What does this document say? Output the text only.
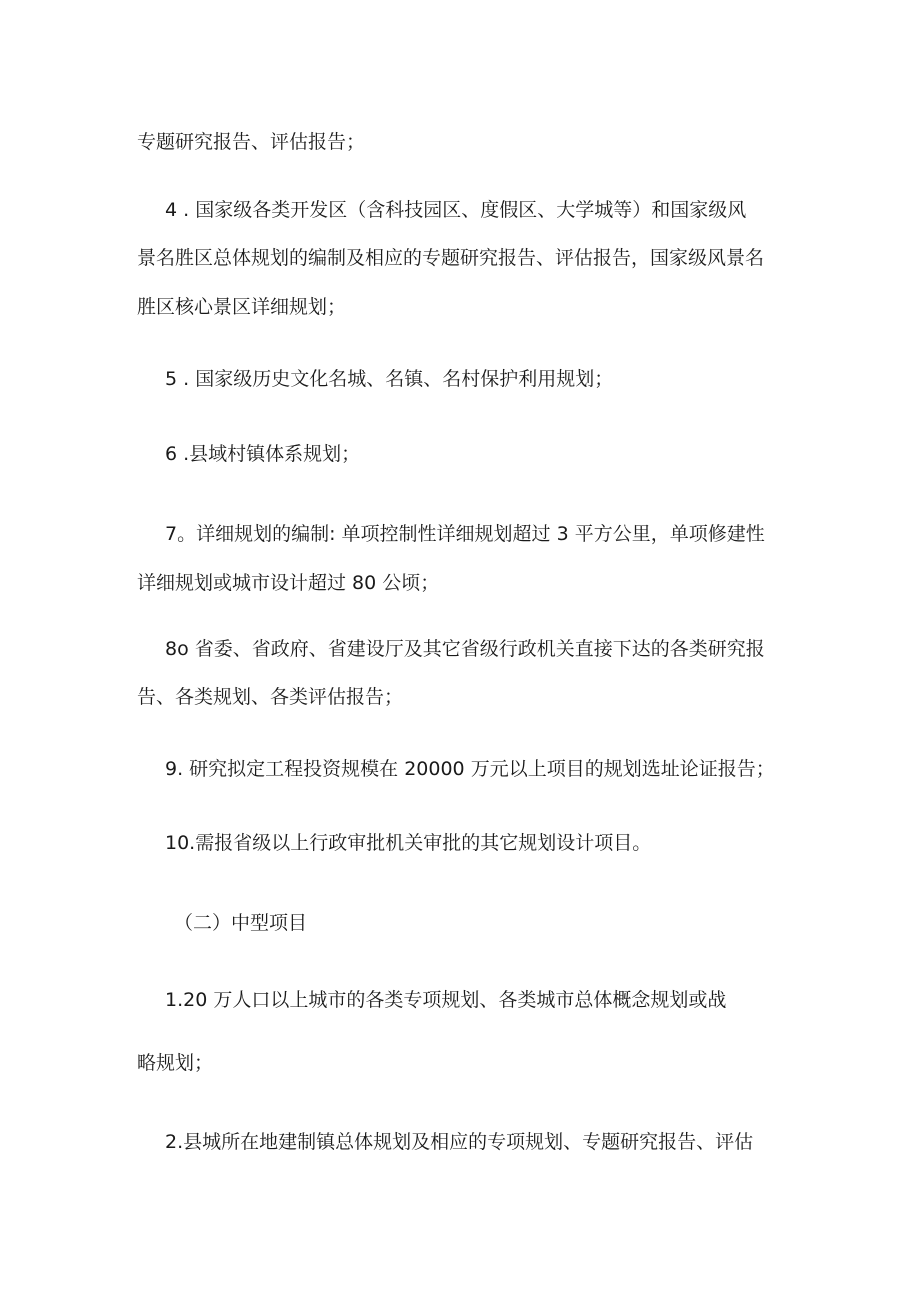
专题研究报告、评估报告；

4 . 国家级各类开发区（含科技园区、度假区、大学城等）和国家级风

景名胜区总体规划的编制及相应的专题研究报告、评估报告，国家级风景名

胜区核心景区详细规划；

5 . 国家级历史文化名城、名镇、名村保护利用规划；

6 .县域村镇体系规划；

7。详细规划的编制: 单项控制性详细规划超过 3 平方公里，单项修建性

详细规划或城市设计超过 80 公顷；

8o 省委、省政府、省建设厅及其它省级行政机关直接下达的各类研究报

告、各类规划、各类评估报告；

9. 研究拟定工程投资规模在 20000 万元以上项目的规划选址论证报告；

10.需报省级以上行政审批机关审批的其它规划设计项目。

（二）中型项目

1.20 万人口以上城市的各类专项规划、各类城市总体概念规划或战

略规划；

2.县城所在地建制镇总体规划及相应的专项规划、专题研究报告、评估
